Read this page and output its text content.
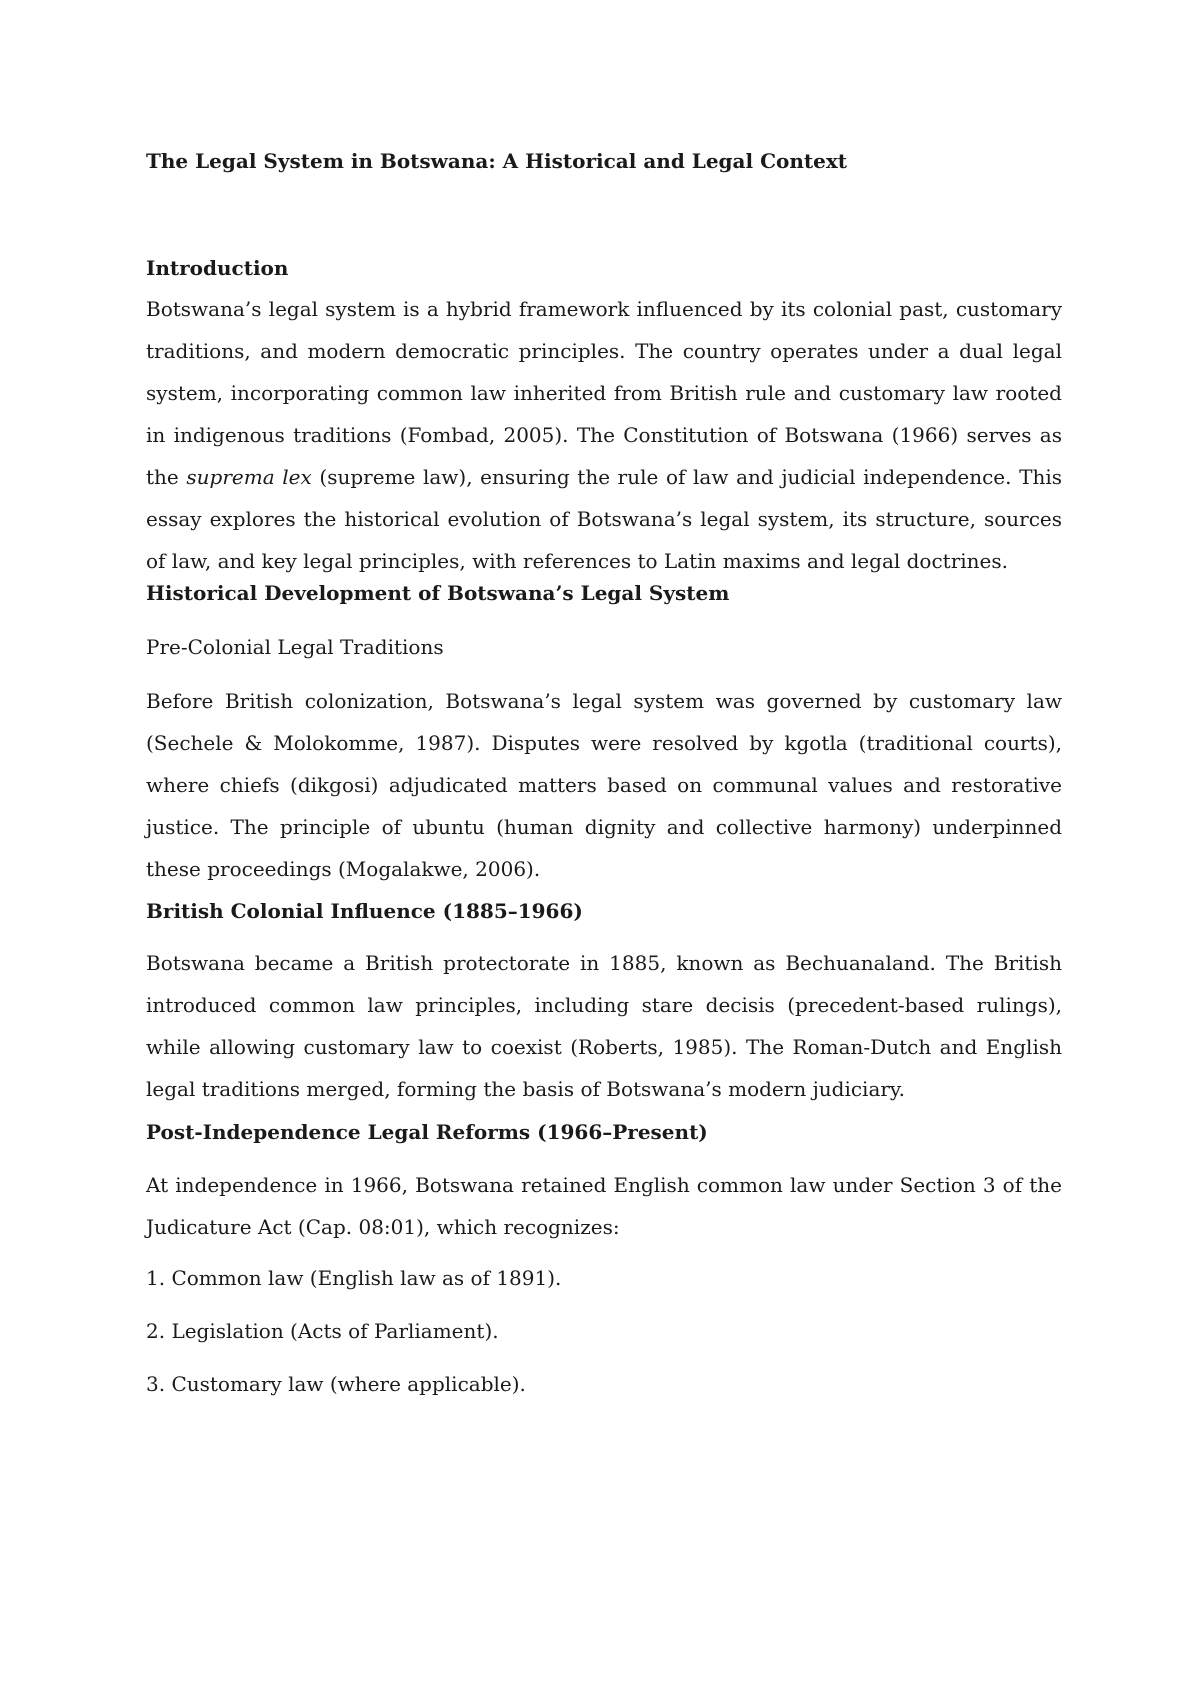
The Legal System in Botswana: A Historical and Legal Context

Introduction

Botswana’s legal system is a hybrid framework influenced by its colonial past, customary traditions, and modern democratic principles. The country operates under a dual legal system, incorporating common law inherited from British rule and customary law rooted in indigenous traditions (Fombad, 2005). The Constitution of Botswana (1966) serves as the suprema lex (supreme law), ensuring the rule of law and judicial independence. This essay explores the historical evolution of Botswana’s legal system, its structure, sources of law, and key legal principles, with references to Latin maxims and legal doctrines.

Historical Development of Botswana’s Legal System

Pre-Colonial Legal Traditions

Before British colonization, Botswana’s legal system was governed by customary law (Sechele & Molokomme, 1987). Disputes were resolved by kgotla (traditional courts), where chiefs (dikgosi) adjudicated matters based on communal values and restorative justice. The principle of ubuntu (human dignity and collective harmony) underpinned these proceedings (Mogalakwe, 2006).

British Colonial Influence (1885–1966)

Botswana became a British protectorate in 1885, known as Bechuanaland. The British introduced common law principles, including stare decisis (precedent-based rulings), while allowing customary law to coexist (Roberts, 1985). The Roman-Dutch and English legal traditions merged, forming the basis of Botswana’s modern judiciary.

Post-Independence Legal Reforms (1966–Present)

At independence in 1966, Botswana retained English common law under Section 3 of the Judicature Act (Cap. 08:01), which recognizes:

1. Common law (English law as of 1891).

2. Legislation (Acts of Parliament).

3. Customary law (where applicable).
